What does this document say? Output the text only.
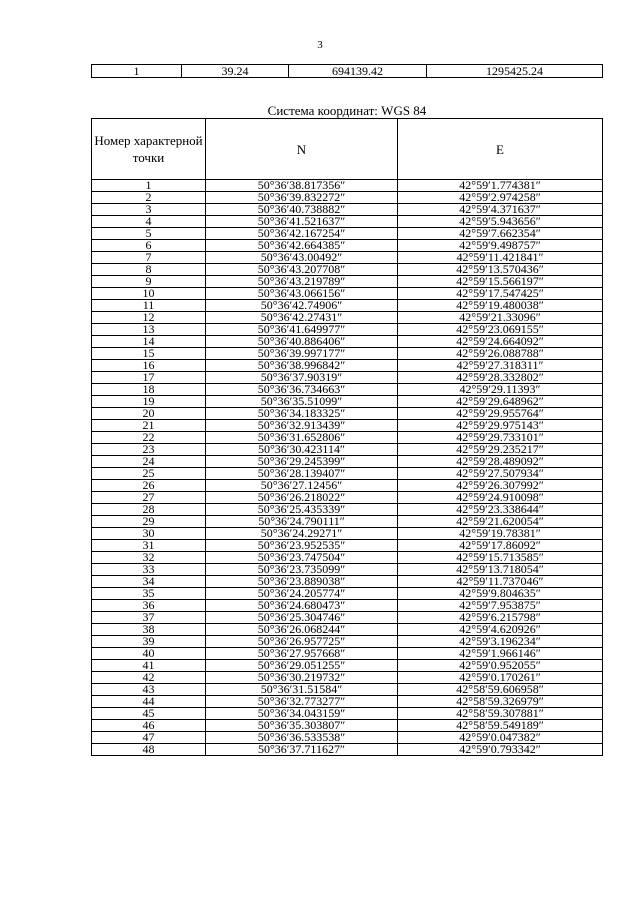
3
1	39.24	694139.42	1295425.24
Система координат: WGS 84
Номер характерной точки	N	E
1	50°36′38.817356″	42°59′1.774381″
2	50°36′39.832272″	42°59′2.974258″
3	50°36′40.738882″	42°59′4.371637″
4	50°36′41.521637″	42°59′5.943656″
5	50°36′42.167254″	42°59′7.662354″
6	50°36′42.664385″	42°59′9.498757″
7	50°36′43.00492″	42°59′11.421841″
8	50°36′43.207708″	42°59′13.570436″
9	50°36′43.219789″	42°59′15.566197″
10	50°36′43.066156″	42°59′17.547425″
11	50°36′42.74906″	42°59′19.480038″
12	50°36′42.27431″	42°59′21.33096″
13	50°36′41.649977″	42°59′23.069155″
14	50°36′40.886406″	42°59′24.664092″
15	50°36′39.997177″	42°59′26.088788″
16	50°36′38.996842″	42°59′27.318311″
17	50°36′37.90319″	42°59′28.332802″
18	50°36′36.734663″	42°59′29.11393″
19	50°36′35.51099″	42°59′29.648962″
20	50°36′34.183325″	42°59′29.955764″
21	50°36′32.913439″	42°59′29.975143″
22	50°36′31.652806″	42°59′29.733101″
23	50°36′30.423114″	42°59′29.235217″
24	50°36′29.245399″	42°59′28.489092″
25	50°36′28.139407″	42°59′27.507934″
26	50°36′27.12456″	42°59′26.307992″
27	50°36′26.218022″	42°59′24.910098″
28	50°36′25.435339″	42°59′23.338644″
29	50°36′24.790111″	42°59′21.620054″
30	50°36′24.29271″	42°59′19.78381″
31	50°36′23.952535″	42°59′17.86092″
32	50°36′23.747504″	42°59′15.713585″
33	50°36′23.735099″	42°59′13.718054″
34	50°36′23.889038″	42°59′11.737046″
35	50°36′24.205774″	42°59′9.804635″
36	50°36′24.680473″	42°59′7.953875″
37	50°36′25.304746″	42°59′6.215798″
38	50°36′26.068244″	42°59′4.620926″
39	50°36′26.957725″	42°59′3.196234″
40	50°36′27.957668″	42°59′1.966146″
41	50°36′29.051255″	42°59′0.952055″
42	50°36′30.219732″	42°59′0.170261″
43	50°36′31.51584″	42°58′59.606958″
44	50°36′32.773277″	42°58′59.326979″
45	50°36′34.043159″	42°58′59.307881″
46	50°36′35.303807″	42°58′59.549189″
47	50°36′36.533538″	42°59′0.047382″
48	50°36′37.711627″	42°59′0.793342″
